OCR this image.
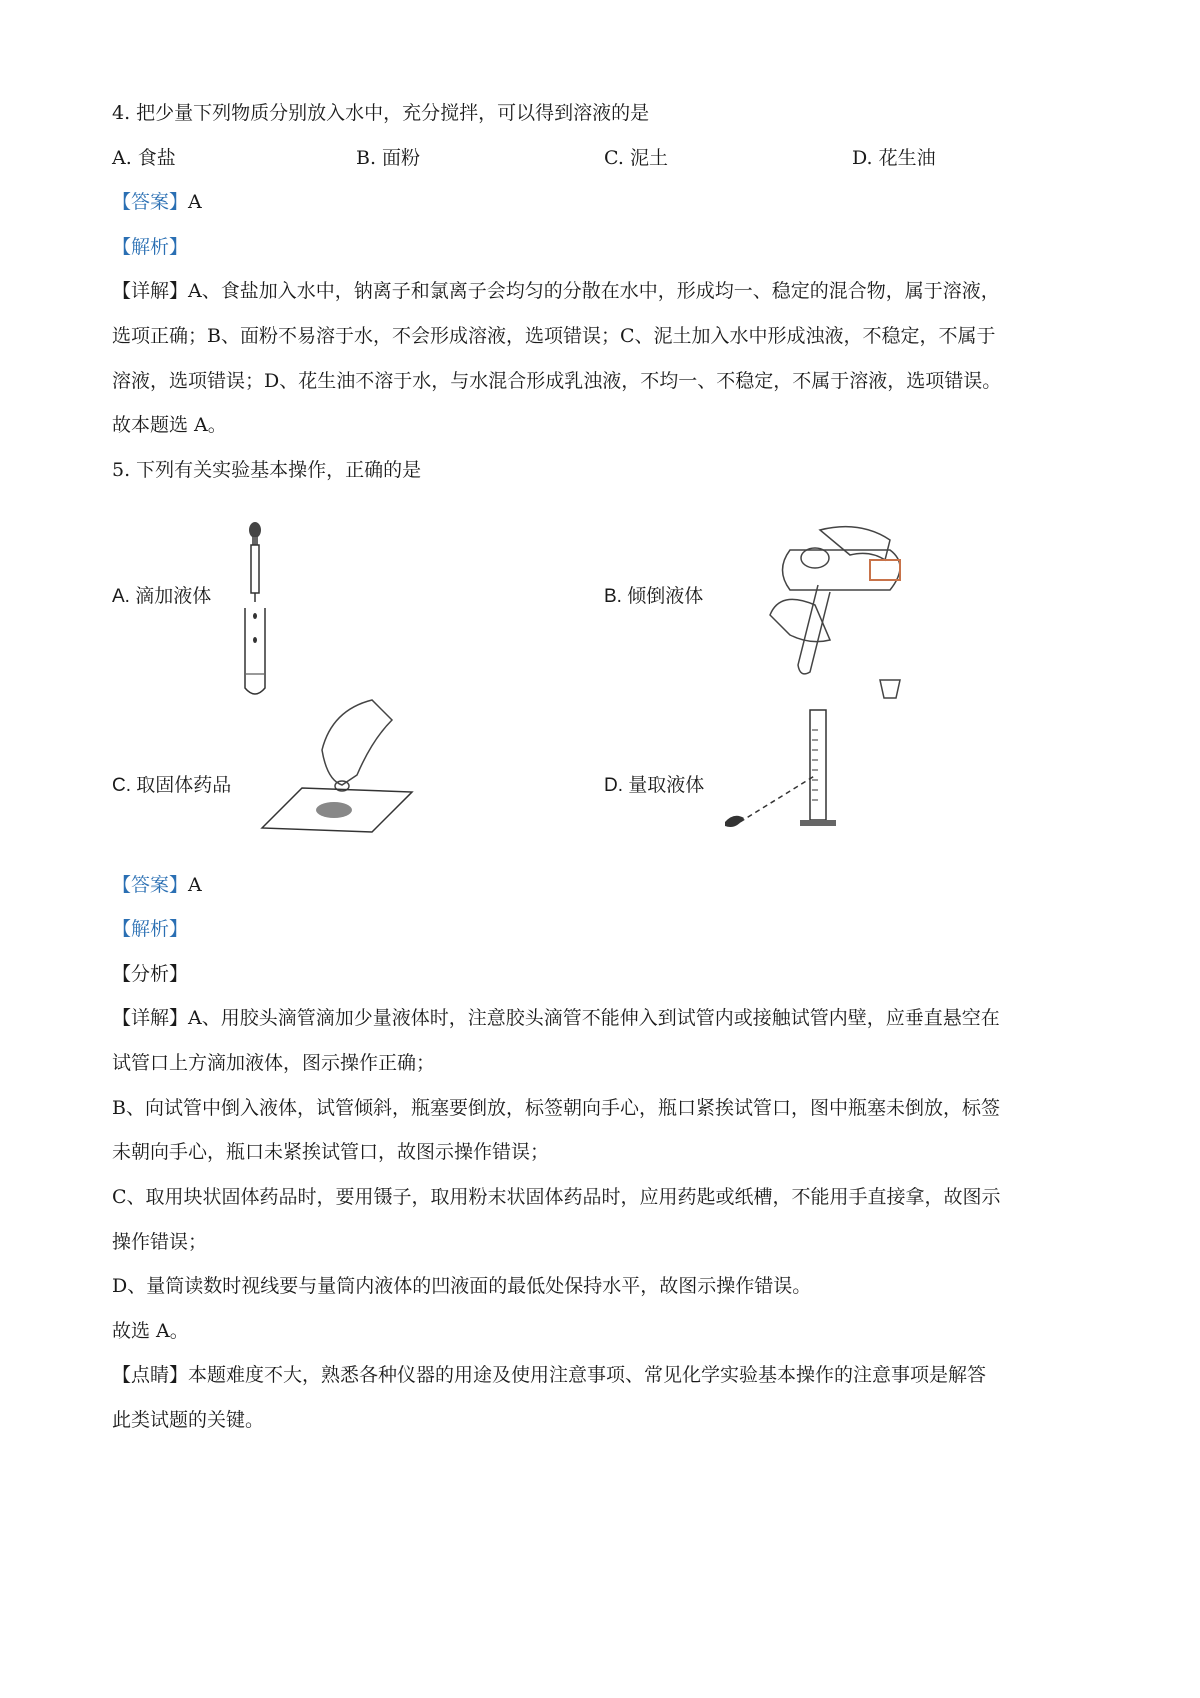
4. 把少量下列物质分别放入水中，充分搅拌，可以得到溶液的是
A. 食盐	B. 面粉	C. 泥土	D. 花生油
【答案】A
【解析】
【详解】A、食盐加入水中，钠离子和氯离子会均匀的分散在水中，形成均一、稳定的混合物，属于溶液，
选项正确；B、面粉不易溶于水，不会形成溶液，选项错误；C、泥土加入水中形成浊液，不稳定，不属于
溶液，选项错误；D、花生油不溶于水，与水混合形成乳浊液，不均一、不稳定，不属于溶液，选项错误。
故本题选 A。
5. 下列有关实验基本操作，正确的是
A. 滴加液体	B. 倾倒液体
C. 取固体药品	D. 量取液体
【答案】A
【解析】
【分析】
【详解】A、用胶头滴管滴加少量液体时，注意胶头滴管不能伸入到试管内或接触试管内壁，应垂直悬空在
试管口上方滴加液体，图示操作正确；
B、向试管中倒入液体，试管倾斜，瓶塞要倒放，标签朝向手心，瓶口紧挨试管口，图中瓶塞未倒放，标签
未朝向手心，瓶口未紧挨试管口，故图示操作错误；
C、取用块状固体药品时，要用镊子，取用粉末状固体药品时，应用药匙或纸槽，不能用手直接拿，故图示
操作错误；
D、量筒读数时视线要与量筒内液体的凹液面的最低处保持水平，故图示操作错误。
故选 A。
【点睛】本题难度不大，熟悉各种仪器的用途及使用注意事项、常见化学实验基本操作的注意事项是解答
此类试题的关键。
